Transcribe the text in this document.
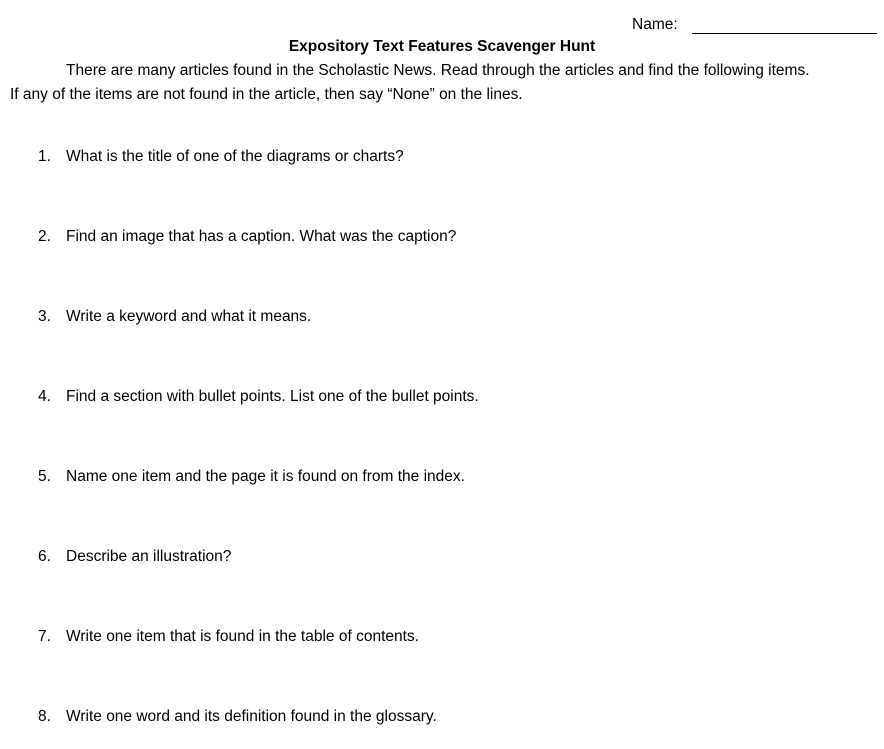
Name:
Expository Text Features Scavenger Hunt
There are many articles found in the Scholastic News. Read through the articles and find the following items.
If any of the items are not found in the article, then say “None” on the lines.
1. What is the title of one of the diagrams or charts?
2. Find an image that has a caption. What was the caption?
3. Write a keyword and what it means.
4. Find a section with bullet points. List one of the bullet points.
5. Name one item and the page it is found on from the index.
6. Describe an illustration?
7. Write one item that is found in the table of contents.
8. Write one word and its definition found in the glossary.
